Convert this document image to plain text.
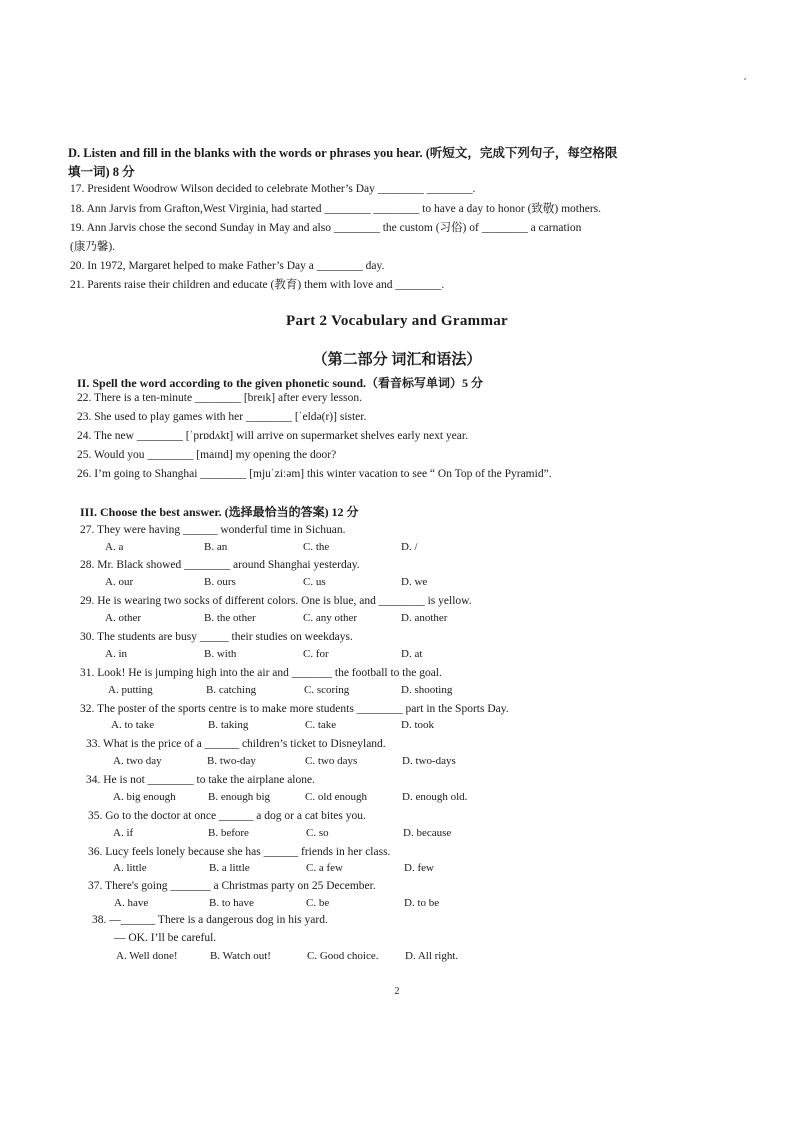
D. Listen and fill in the blanks with the words or phrases you hear. (听短文，完成下列句子，每空格限
填一词) 8 分
17. President Woodrow Wilson decided to celebrate Mother’s Day ________ ________.
18. Ann Jarvis from Grafton,West Virginia, had started ________ ________ to have a day to honor (致敬) mothers.
19. Ann Jarvis chose the second Sunday in May and also ________ the custom (习俗) of ________ a carnation
(康乃馨).
20. In 1972, Margaret helped to make Father’s Day a ________ day.
21. Parents raise their children and educate (教育) them with love and ________.
Part 2 Vocabulary and Grammar
（第二部分 词汇和语法）
II. Spell the word according to the given phonetic sound.（看音标写单词）5 分
22. There is a ten-minute ________ [breɪk] after every lesson.
23. She used to play games with her ________ [ˈeldə(r)] sister.
24. The new ________ [ˈprɒdʌkt] will arrive on supermarket shelves early next year.
25. Would you ________ [maɪnd] my opening the door?
26. I’m going to Shanghai ________ [mjuˈziːəm] this winter vacation to see “ On Top of the Pyramid”.
III. Choose the best answer. (选择最恰当的答案) 12 分
27. They were having ______ wonderful time in Sichuan.
A. a	B. an	C. the	D. /
28. Mr. Black showed ________ around Shanghai yesterday.
A. our	B. ours	C. us	D. we
29. He is wearing two socks of different colors. One is blue, and ________ is yellow.
A. other	B. the other	C. any other	D. another
30. The students are busy _____ their studies on weekdays.
A. in	B. with	C. for	D. at
31. Look! He is jumping high into the air and _______ the football to the goal.
A. putting	B. catching	C. scoring	D. shooting
32. The poster of the sports centre is to make more students ________ part in the Sports Day.
A. to take	B. taking	C. take	D. took
33. What is the price of a ______ children’s ticket to Disneyland.
A. two day	B. two-day	C. two days	D. two-days
34. He is not ________ to take the airplane alone.
A. big enough	B. enough big	C. old enough	D. enough old.
35. Go to the doctor at once ______ a dog or a cat bites you.
A. if	B. before	C. so	D. because
36. Lucy feels lonely because she has ______ friends in her class.
A. little	B. a little	C. a few	D. few
37. There's going _______ a Christmas party on 25 December.
A. have	B. to have	C. be	D. to be
38. —______ There is a dangerous dog in his yard.
— OK. I’ll be careful.
A. Well done!	B. Watch out!	C. Good choice. D. All right.
2
